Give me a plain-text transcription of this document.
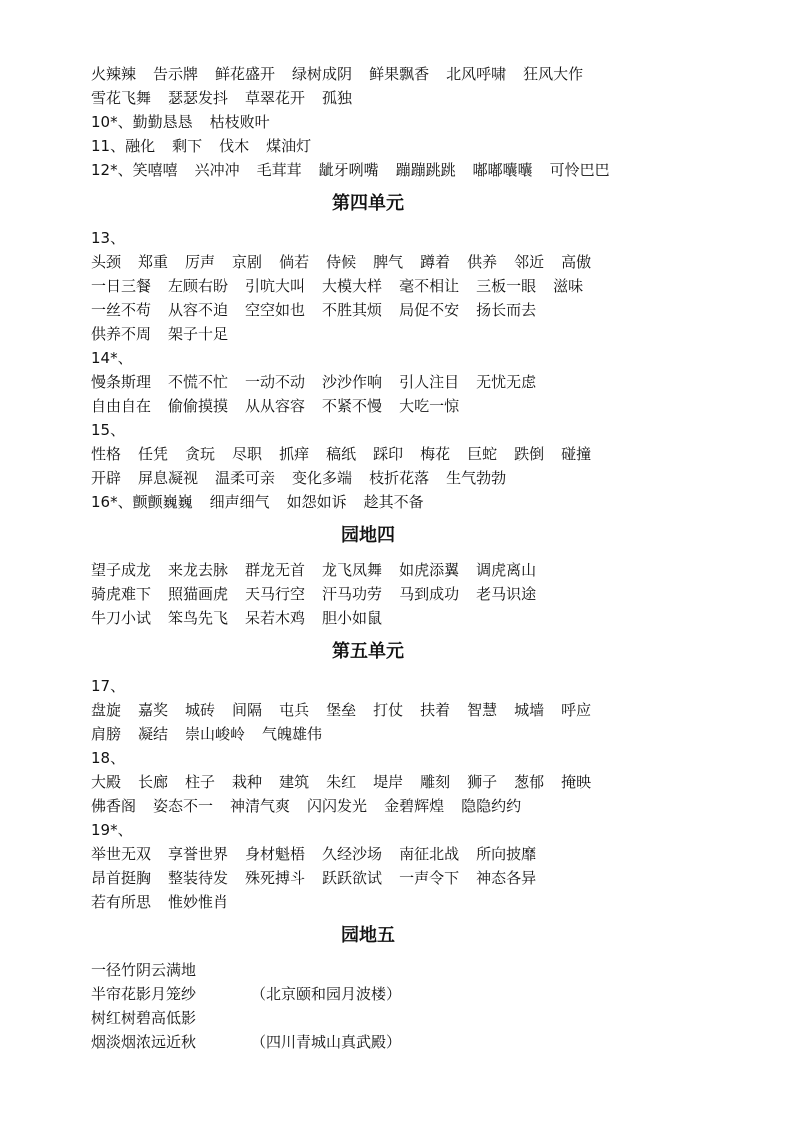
火辣辣 告示牌 鲜花盛开 绿树成阴 鲜果飘香 北风呼啸 狂风大作
雪花飞舞 瑟瑟发抖 草翠花开 孤独
10*、勤勤恳恳 枯枝败叶
11、融化 剩下 伐木 煤油灯
12*、笑嘻嘻 兴冲冲 毛茸茸 龇牙咧嘴 蹦蹦跳跳 嘟嘟囔囔 可怜巴巴
第四单元
13、
头颈 郑重 厉声 京剧 倘若 侍候 脾气 蹲着 供养 邻近 高傲
一日三餐 左顾右盼 引吭大叫 大模大样 毫不相让 三板一眼 滋味
一丝不苟 从容不迫 空空如也 不胜其烦 局促不安 扬长而去
供养不周 架子十足
14*、
慢条斯理 不慌不忙 一动不动 沙沙作响 引人注目 无忧无虑
自由自在 偷偷摸摸 从从容容 不紧不慢 大吃一惊
15、
性格 任凭 贪玩 尽职 抓痒 稿纸 踩印 梅花 巨蛇 跌倒 碰撞
开辟 屏息凝视 温柔可亲 变化多端 枝折花落 生气勃勃
16*、颤颤巍巍 细声细气 如怨如诉 趁其不备
园地四
望子成龙 来龙去脉 群龙无首 龙飞凤舞 如虎添翼 调虎离山
骑虎难下 照猫画虎 天马行空 汗马功劳 马到成功 老马识途
牛刀小试 笨鸟先飞 呆若木鸡 胆小如鼠
第五单元
17、
盘旋 嘉奖 城砖 间隔 屯兵 堡垒 打仗 扶着 智慧 城墙 呼应
肩膀 凝结 崇山峻岭 气魄雄伟
18、
大殿 长廊 柱子 栽种 建筑 朱红 堤岸 雕刻 狮子 葱郁 掩映
佛香阁 姿态不一 神清气爽 闪闪发光 金碧辉煌 隐隐约约
19*、
举世无双 享誉世界 身材魁梧 久经沙场 南征北战 所向披靡
昂首挺胸 整装待发 殊死搏斗 跃跃欲试 一声令下 神态各异
若有所思 惟妙惟肖
园地五
一径竹阴云满地
半帘花影月笼纱	（北京颐和园月波楼）
树红树碧高低影
烟淡烟浓远近秋	（四川青城山真武殿）
